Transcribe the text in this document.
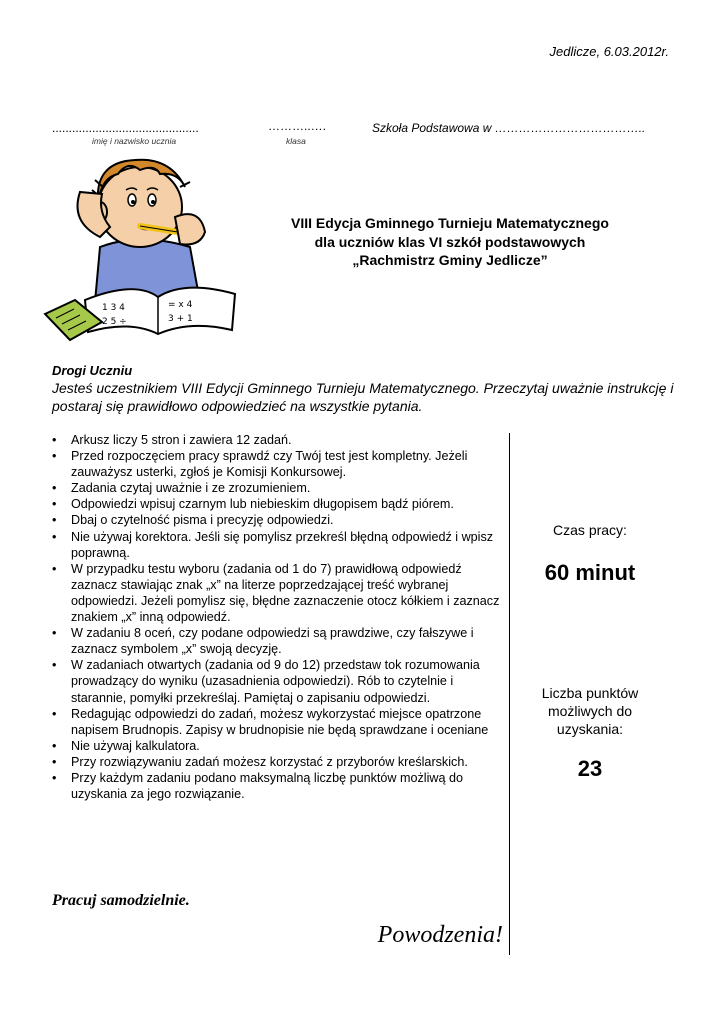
Jedlicze, 6.03.2012r.
............................................
imię i nazwisko ucznia
………..….
klasa
Szkoła Podstawowa w ………………………………..
1 3 4
2 5 ÷
= x 4
3 + 1
VIII Edycja Gminnego Turnieju Matematycznego
dla uczniów klas VI szkół podstawowych
„Rachmistrz Gminy Jedlicze”
Drogi Uczniu
Jesteś uczestnikiem VIII Edycji Gminnego Turnieju Matematycznego. Przeczytaj uważnie instrukcję i postaraj się prawidłowo odpowiedzieć na wszystkie pytania.
• Arkusz liczy 5 stron i zawiera 12 zadań.
• Przed rozpoczęciem pracy sprawdź czy Twój test jest kompletny. Jeżeli zauważysz usterki, zgłoś je Komisji Konkursowej.
• Zadania czytaj uważnie i ze zrozumieniem.
• Odpowiedzi wpisuj czarnym lub niebieskim długopisem bądź piórem.
• Dbaj o czytelność pisma i precyzję odpowiedzi.
• Nie używaj korektora. Jeśli się pomylisz przekreśl błędną odpowiedź i wpisz poprawną.
• W przypadku testu wyboru (zadania od 1 do 7) prawidłową odpowiedź zaznacz stawiając znak „x” na literze poprzedzającej treść wybranej odpowiedzi. Jeżeli pomylisz się, błędne zaznaczenie otocz kółkiem i zaznacz znakiem „x” inną odpowiedź.
• W zadaniu 8 oceń, czy podane odpowiedzi są prawdziwe, czy fałszywe i zaznacz symbolem „x” swoją decyzję.
• W zadaniach otwartych (zadania od 9 do 12) przedstaw tok rozumowania prowadzący do wyniku (uzasadnienia odpowiedzi). Rób to czytelnie i starannie, pomyłki przekreślaj. Pamiętaj o zapisaniu odpowiedzi.
• Redagując odpowiedzi do zadań, możesz wykorzystać miejsce opatrzone napisem Brudnopis. Zapisy w brudnopisie nie będą sprawdzane i oceniane
• Nie używaj kalkulatora.
• Przy rozwiązywaniu zadań możesz korzystać z przyborów kreślarskich.
• Przy każdym zadaniu podano maksymalną liczbę punktów możliwą do uzyskania za jego rozwiązanie.
Czas pracy:
60 minut
Liczba punktów możliwych do uzyskania:
23
Pracuj samodzielnie.
Powodzenia!
